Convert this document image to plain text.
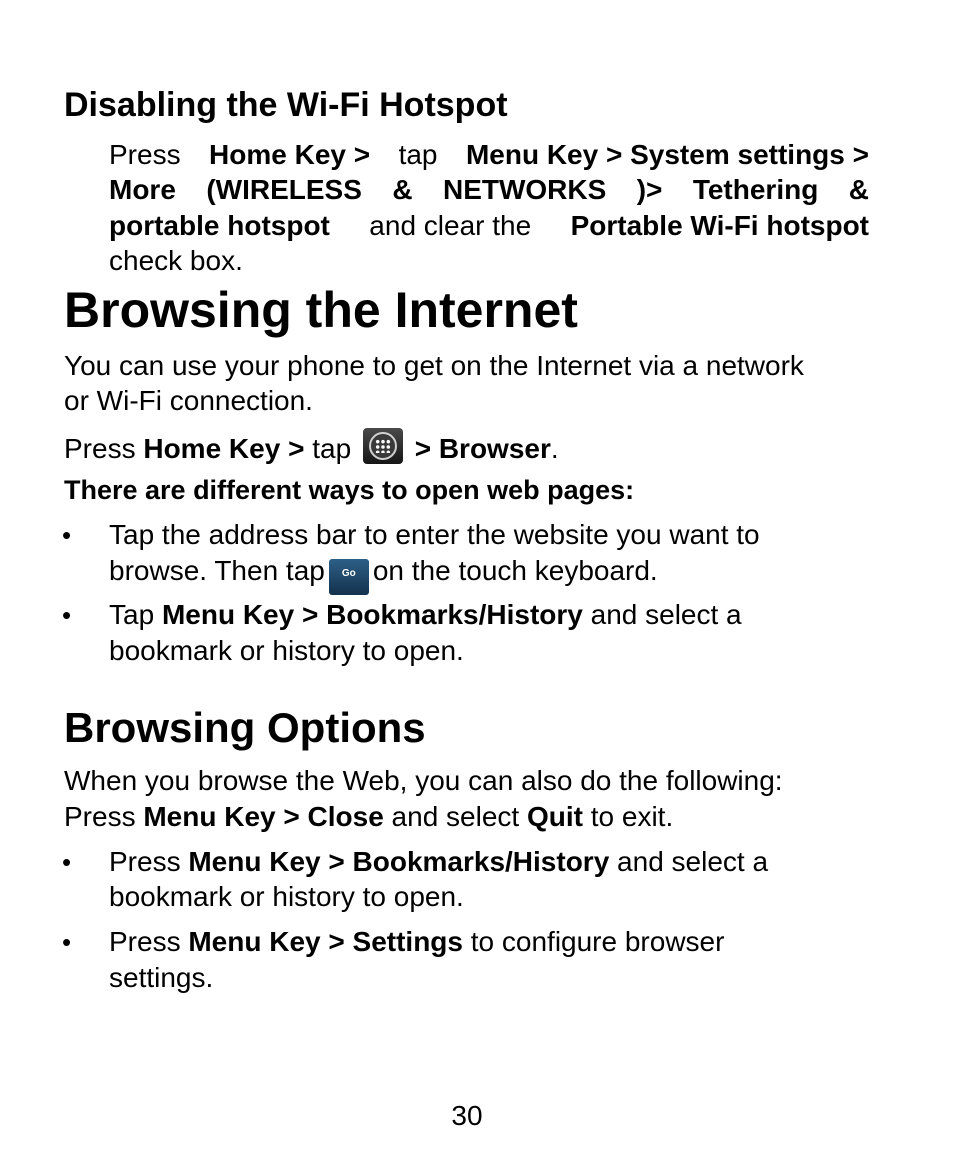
Disabling the Wi-Fi Hotspot
Press Home Key > tap Menu Key > System settings >
More (WIRELESS & NETWORKS )> Tethering &
portable hotspot and clear the Portable Wi-Fi hotspot
check box.
Browsing the Internet
You can use your phone to get on the Internet via a network
or Wi-Fi connection.
Press Home Key > tap
> Browser.
There are different ways to open web pages:
• Tap the address bar to enter the website you want to
browse. Then tap Go on the touch keyboard.
• Tap Menu Key > Bookmarks/History and select a
bookmark or history to open.
Browsing Options
When you browse the Web, you can also do the following:
Press Menu Key > Close and select Quit to exit.
• Press Menu Key > Bookmarks/History and select a
bookmark or history to open.
• Press Menu Key > Settings to configure browser
settings.
30
